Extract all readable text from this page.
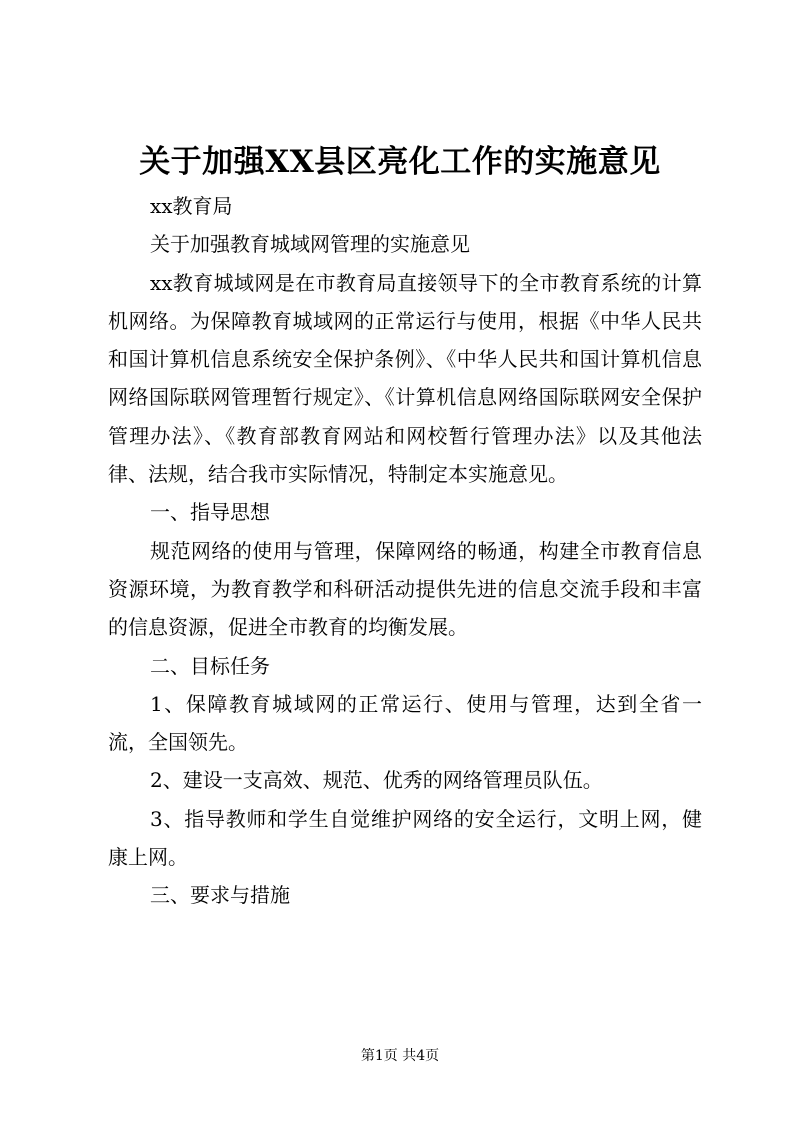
关于加强XX县区亮化工作的实施意见

xx教育局

关于加强教育城域网管理的实施意见

xx教育城域网是在市教育局直接领导下的全市教育系统的计算机网络。为保障教育城域网的正常运行与使用，根据《中华人民共和国计算机信息系统安全保护条例》、《中华人民共和国计算机信息网络国际联网管理暂行规定》、《计算机信息网络国际联网安全保护管理办法》、《教育部教育网站和网校暂行管理办法》以及其他法律、法规，结合我市实际情况，特制定本实施意见。

一、指导思想

规范网络的使用与管理，保障网络的畅通，构建全市教育信息资源环境，为教育教学和科研活动提供先进的信息交流手段和丰富的信息资源，促进全市教育的均衡发展。

二、目标任务

1、保障教育城域网的正常运行、使用与管理，达到全省一流，全国领先。

2、建设一支高效、规范、优秀的网络管理员队伍。

3、指导教师和学生自觉维护网络的安全运行，文明上网，健康上网。

三、要求与措施

第1页 共4页
